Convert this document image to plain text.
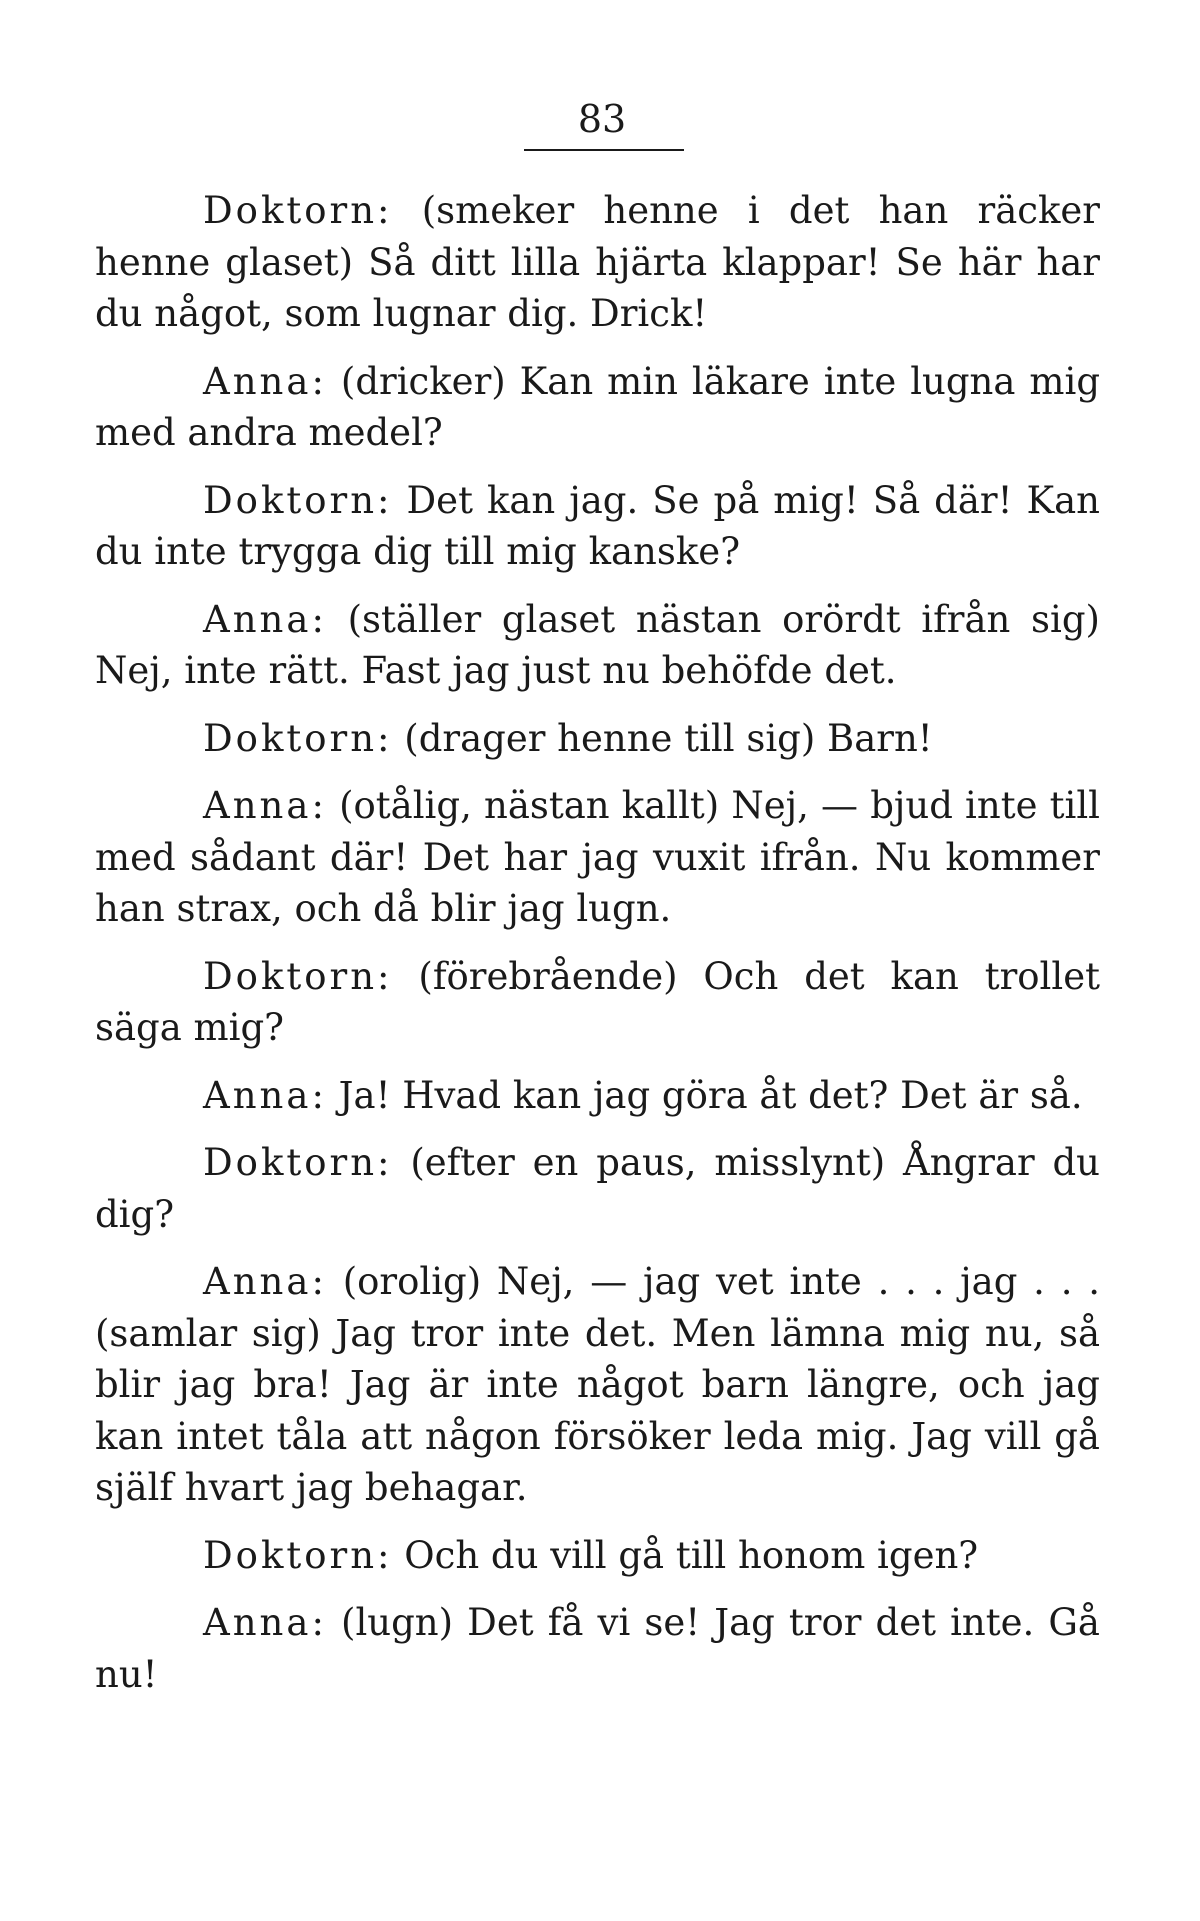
83

Doktorn: (smeker henne i det han räcker henne glaset) Så ditt lilla hjärta klappar! Se här har du något, som lugnar dig. Drick!

Anna: (dricker) Kan min läkare inte lugna mig med andra medel?

Doktorn: Det kan jag. Se på mig! Så där! Kan du inte trygga dig till mig kanske?

Anna: (ställer glaset nästan orördt ifrån sig) Nej, inte rätt. Fast jag just nu behöfde det.

Doktorn: (drager henne till sig) Barn!

Anna: (otålig, nästan kallt) Nej, — bjud inte till med sådant där! Det har jag vuxit ifrån. Nu kommer han strax, och då blir jag lugn.

Doktorn: (förebrående) Och det kan trollet säga mig?

Anna: Ja! Hvad kan jag göra åt det? Det är så.

Doktorn: (efter en paus, misslynt) Ångrar du dig?

Anna: (orolig) Nej, — jag vet inte . . . jag . . . (samlar sig) Jag tror inte det. Men lämna mig nu, så blir jag bra! Jag är inte något barn längre, och jag kan intet tåla att någon försöker leda mig. Jag vill gå själf hvart jag behagar.

Doktorn: Och du vill gå till honom igen?

Anna: (lugn) Det få vi se! Jag tror det inte. Gå nu!
